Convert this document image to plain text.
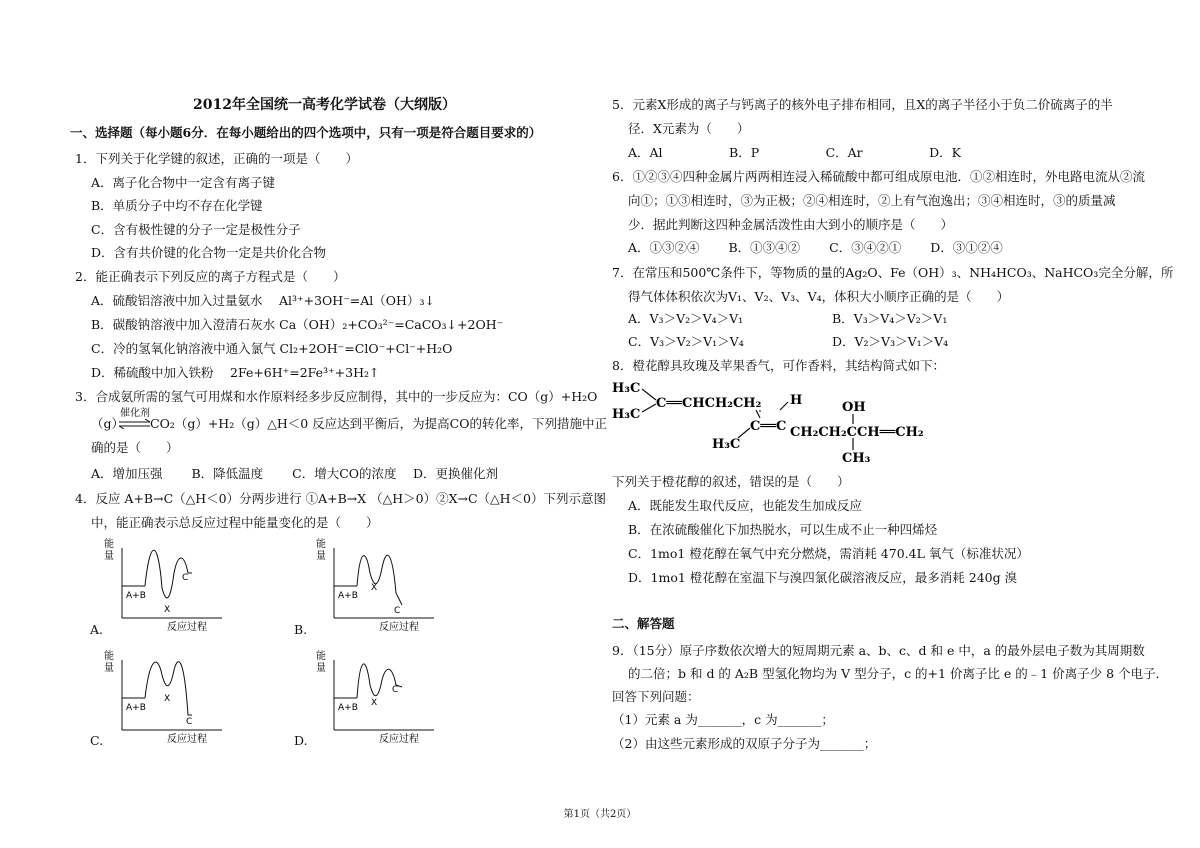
2012年全国统一高考化学试卷（大纲版）
一、选择题（每小题6分．在每小题给出的四个选项中，只有一项是符合题目要求的）
1．下列关于化学键的叙述，正确的一项是（　　）
A．离子化合物中一定含有离子键
B．单质分子中均不存在化学键
C．含有极性键的分子一定是极性分子
D．含有共价键的化合物一定是共价化合物
2．能正确表示下列反应的离子方程式是（　　）
A．硫酸铝溶液中加入过量氨水　 Al³⁺+3OH⁻=Al（OH）₃↓
B．碳酸钠溶液中加入澄清石灰水 Ca（OH）₂+CO₃²⁻=CaCO₃↓+2OH⁻
C．冷的氢氧化钠溶液中通入氯气 Cl₂+2OH⁻=ClO⁻+Cl⁻+H₂O
D．稀硫酸中加入铁粉　 2Fe+6H⁺=2Fe³⁺+3H₂↑
3．合成氨所需的氢气可用煤和水作原料经多步反应制得，其中的一步反应为：CO（g）+H₂O
（g）
催化剂
CO₂（g）+H₂（g）△H＜0 反应达到平衡后，为提高CO的转化率，下列措施中正
确的是（　　）
A．增加压强　　 B．降低温度　　 C．增大CO的浓度　 D．更换催化剂
4．反应 A+B→C（△H＜0）分两步进行 ①A+B→X （△H＞0）②X→C（△H＜0）下列示意图
中，能正确表示总反应过程中能量变化的是（　　）
能
量
A+B
X
C
反应过程
A.
能
量
A+B
X
C
反应过程
B.
能
量
A+B
X
C
反应过程
C.
能
量
A+B X
C
反应过程
D.
5．元素X形成的离子与钙离子的核外电子排布相同，且X的离子半径小于负二价硫离子的半
径．X元素为（　　）
A．Al　　　　　 B．P　　　　　 C．Ar　　　　　 D．K
6．①②③④四种金属片两两相连浸入稀硫酸中都可组成原电池．①②相连时，外电路电流从②流
向①；①③相连时，③为正极；②④相连时，②上有气泡逸出；③④相连时，③的质量减
少．据此判断这四种金属活泼性由大到小的顺序是（　　）
A．①③②④　　 B．①③④②　　 C．③④②①　　 D．③①②④
7．在常压和500℃条件下，等物质的量的Ag₂O、Fe（OH）₃、NH₄HCO₃、NaHCO₃完全分解，所
得气体体积依次为V₁、V₂、V₃、V₄，体积大小顺序正确的是（　　）
A．V₃＞V₂＞V₄＞V₁	B．V₃＞V₄＞V₂＞V₁
C．V₃＞V₂＞V₁＞V₄	D．V₂＞V₃＞V₁＞V₄
8．橙花醇具玫瑰及苹果香气，可作香料，其结构简式如下：
H₃C
H₃C
C══CHCH₂CH₂ H
C══C
H₃C
CH₂CH₂CCH══CH₂
OH
CH₃
下列关于橙花醇的叙述，错误的是（　　）
A．既能发生取代反应，也能发生加成反应
B．在浓硫酸催化下加热脱水，可以生成不止一种四烯烃
C．1mo1 橙花醇在氧气中充分燃烧，需消耗 470.4L 氧气（标准状况）
D．1mo1 橙花醇在室温下与溴四氯化碳溶液反应，最多消耗 240g 溴
二、解答题
9．（15分）原子序数依次增大的短周期元素 a、b、c、d 和 e 中，a 的最外层电子数为其周期数
的二倍；b 和 d 的 A₂B 型氢化物均为 V 型分子，c 的+1 价离子比 e 的﹣1 价离子少 8 个电子．
回答下列问题：
（1）元素 a 为_______，c 为_______；
（2）由这些元素形成的双原子分子为_______；
第1页（共2页）
